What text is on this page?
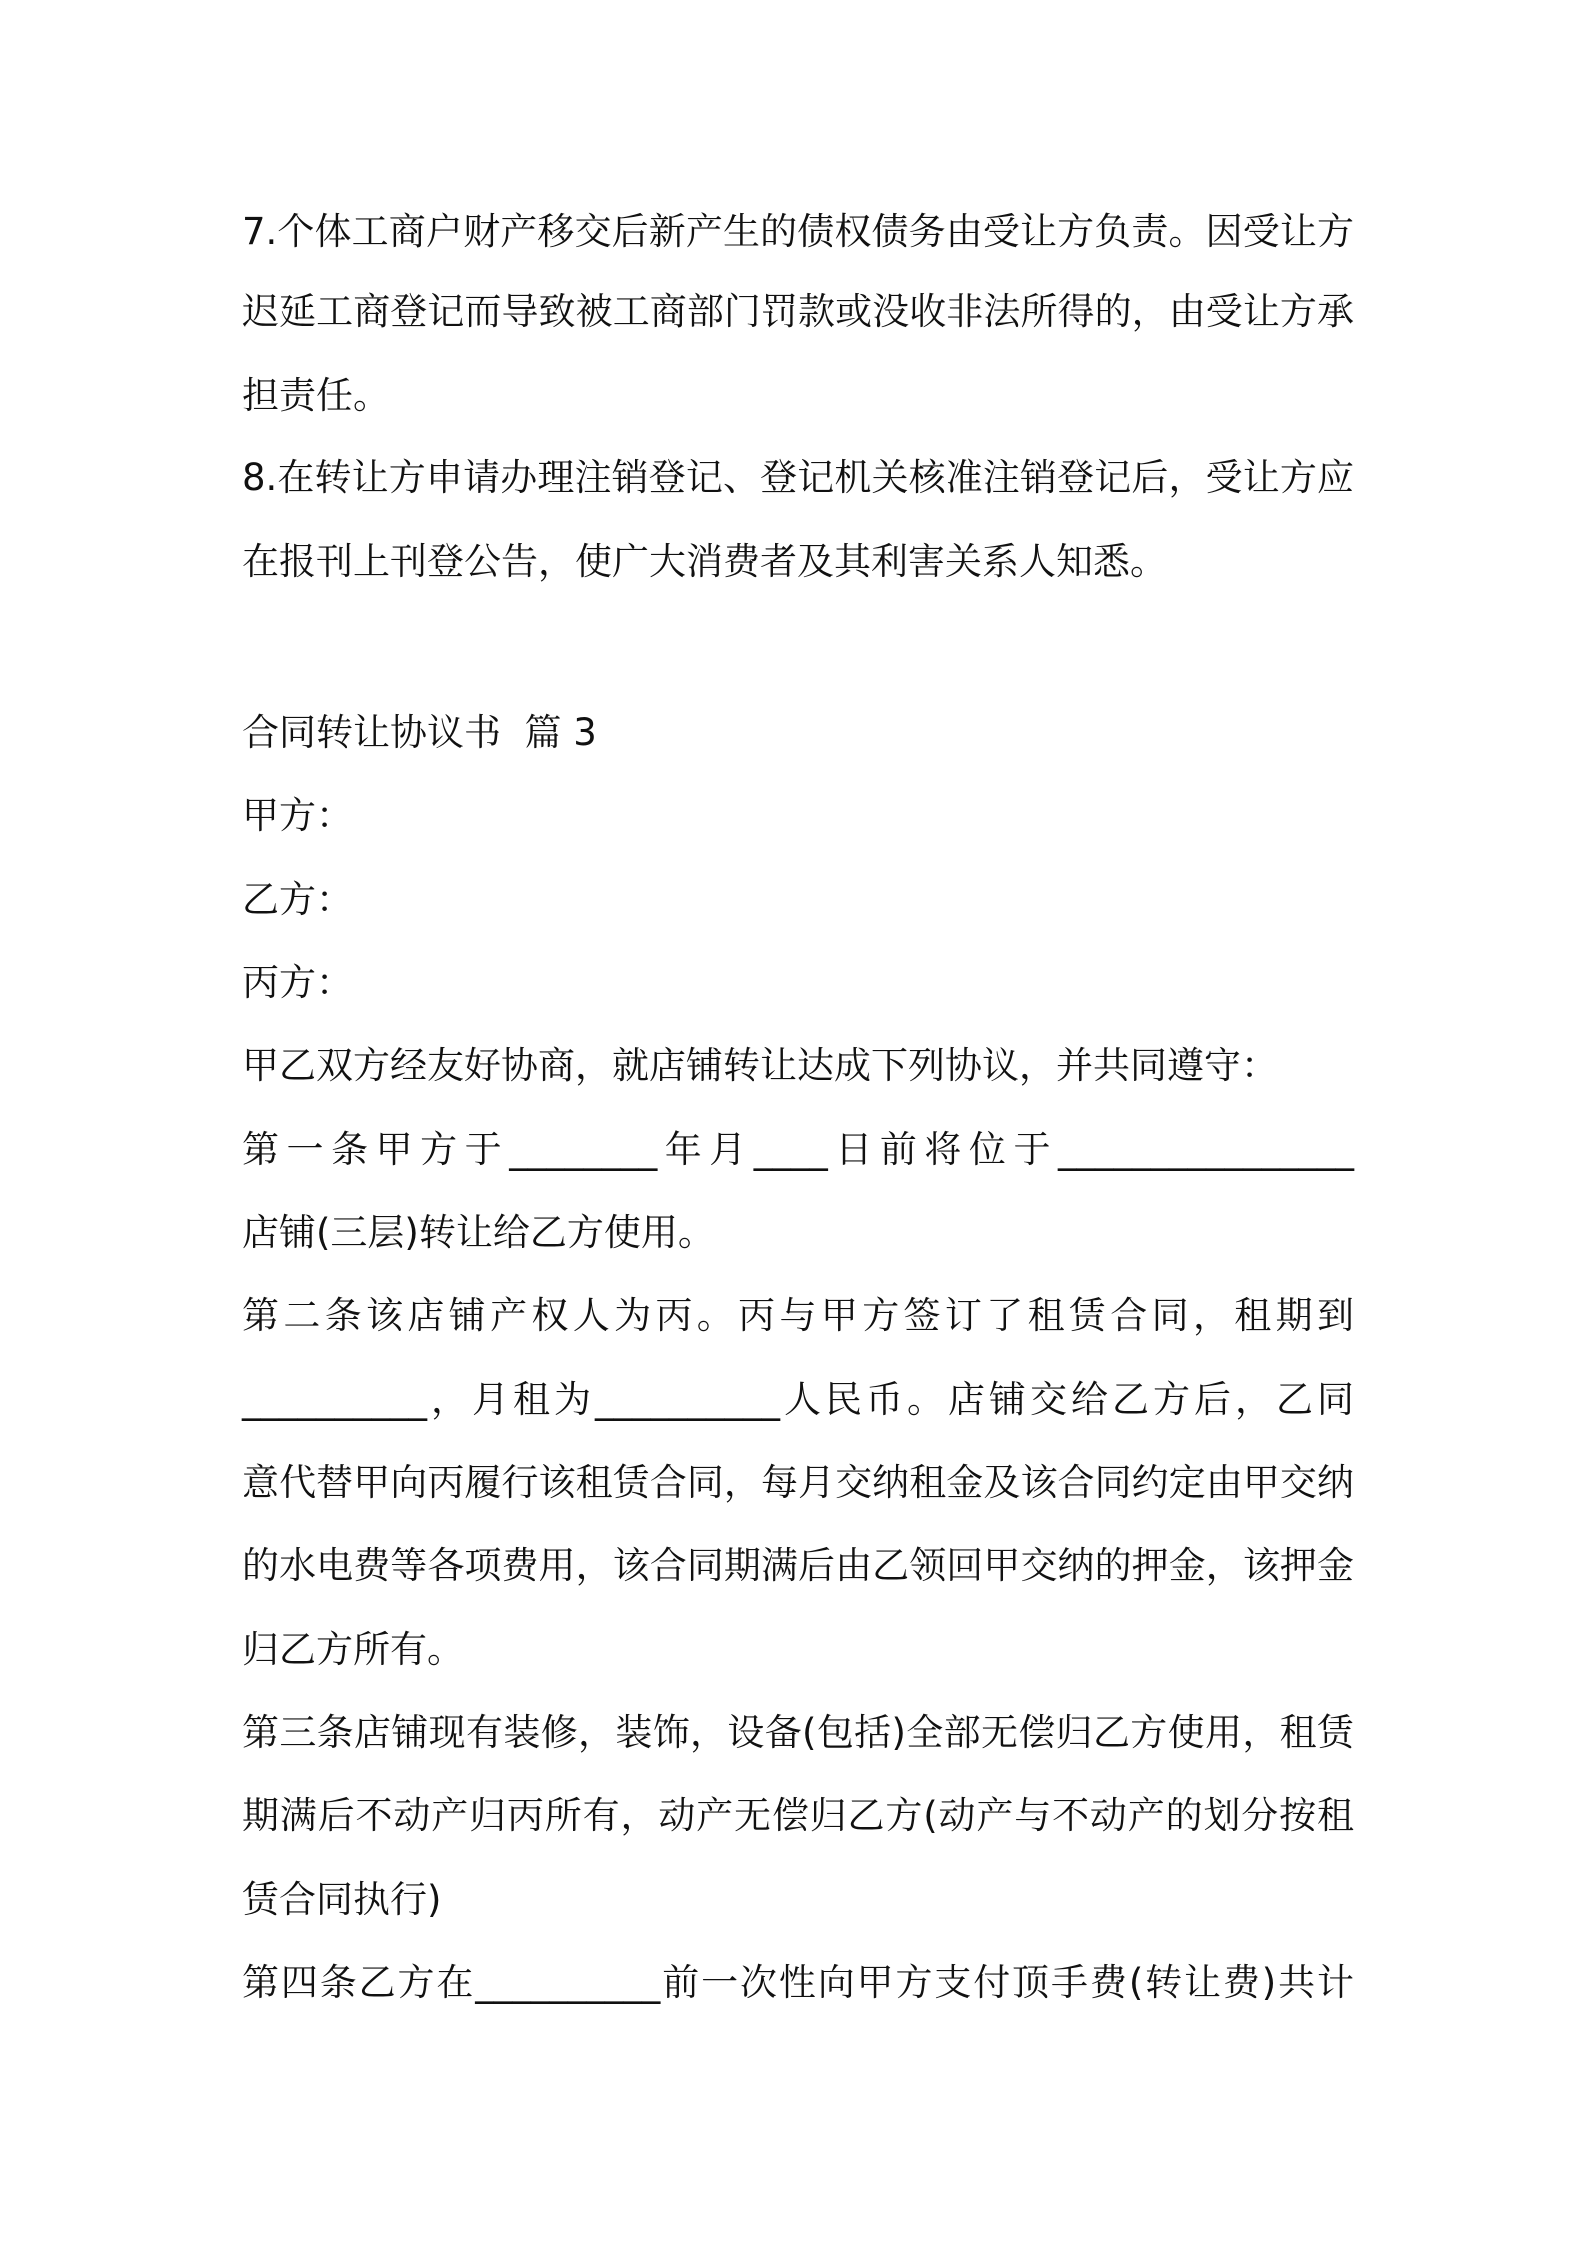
7.个体工商户财产移交后新产生的债权债务由受让方负责。因受让方
迟延工商登记而导致被工商部门罚款或没收非法所得的，由受让方承
担责任。
8.在转让方申请办理注销登记、登记机关核准注销登记后，受让方应
在报刊上刊登公告，使广大消费者及其利害关系人知悉。
合同转让协议书  篇 3
甲方：
乙方：
丙方：
甲乙双方经友好协商，就店铺转让达成下列协议，并共同遵守：
第一条甲方于________年月____日前将位于________________
店铺(三层)转让给乙方使用。
第二条该店铺产权人为丙。丙与甲方签订了租赁合同，租期到
__________，月租为__________人民币。店铺交给乙方后，乙同
意代替甲向丙履行该租赁合同，每月交纳租金及该合同约定由甲交纳
的水电费等各项费用，该合同期满后由乙领回甲交纳的押金，该押金
归乙方所有。
第三条店铺现有装修，装饰，设备(包括)全部无偿归乙方使用，租赁
期满后不动产归丙所有，动产无偿归乙方(动产与不动产的划分按租
赁合同执行)
第四条乙方在__________前一次性向甲方支付顶手费(转让费)共计
